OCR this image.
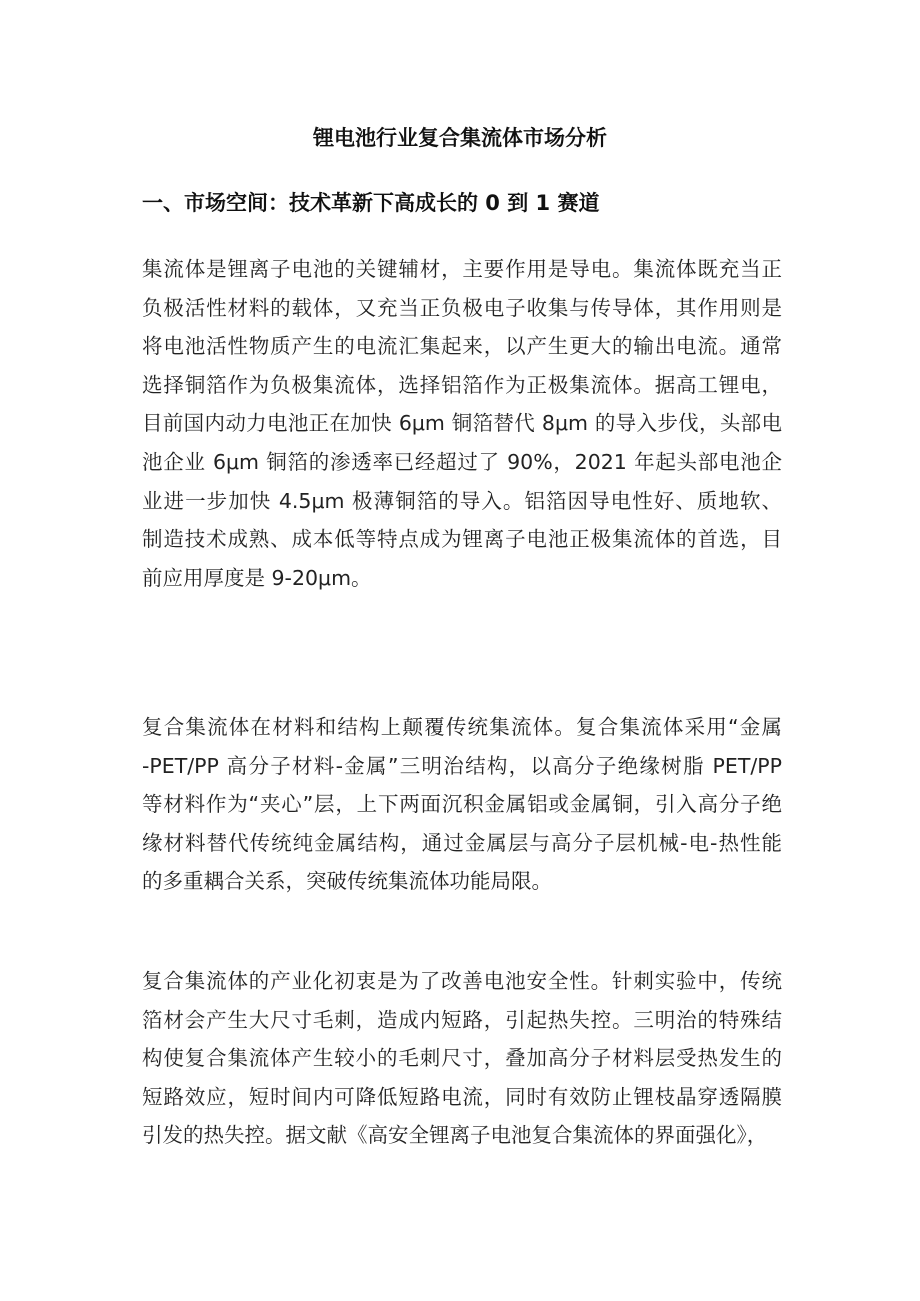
锂电池行业复合集流体市场分析
一、市场空间：技术革新下高成长的 0 到 1 赛道

集流体是锂离子电池的关键辅材，主要作用是导电。集流体既充当正
负极活性材料的载体，又充当正负极电子收集与传导体，其作用则是
将电池活性物质产生的电流汇集起来，以产生更大的输出电流。通常
选择铜箔作为负极集流体，选择铝箔作为正极集流体。据高工锂电，
目前国内动力电池正在加快 6μm 铜箔替代 8μm 的导入步伐，头部电
池企业 6μm 铜箔的渗透率已经超过了 90%，2021 年起头部电池企
业进一步加快 4.5μm 极薄铜箔的导入。铝箔因导电性好、质地软、
制造技术成熟、成本低等特点成为锂离子电池正极集流体的首选，目
前应用厚度是 9-20μm。

复合集流体在材料和结构上颠覆传统集流体。复合集流体采用“金属
-PET/PP 高分子材料-金属”三明治结构，以高分子绝缘树脂 PET/PP
等材料作为“夹心”层，上下两面沉积金属铝或金属铜，引入高分子绝
缘材料替代传统纯金属结构，通过金属层与高分子层机械-电-热性能
的多重耦合关系，突破传统集流体功能局限。

复合集流体的产业化初衷是为了改善电池安全性。针刺实验中，传统
箔材会产生大尺寸毛刺，造成内短路，引起热失控。三明治的特殊结
构使复合集流体产生较小的毛刺尺寸，叠加高分子材料层受热发生的
短路效应，短时间内可降低短路电流，同时有效防止锂枝晶穿透隔膜
引发的热失控。据文献《高安全锂离子电池复合集流体的界面强化》，
